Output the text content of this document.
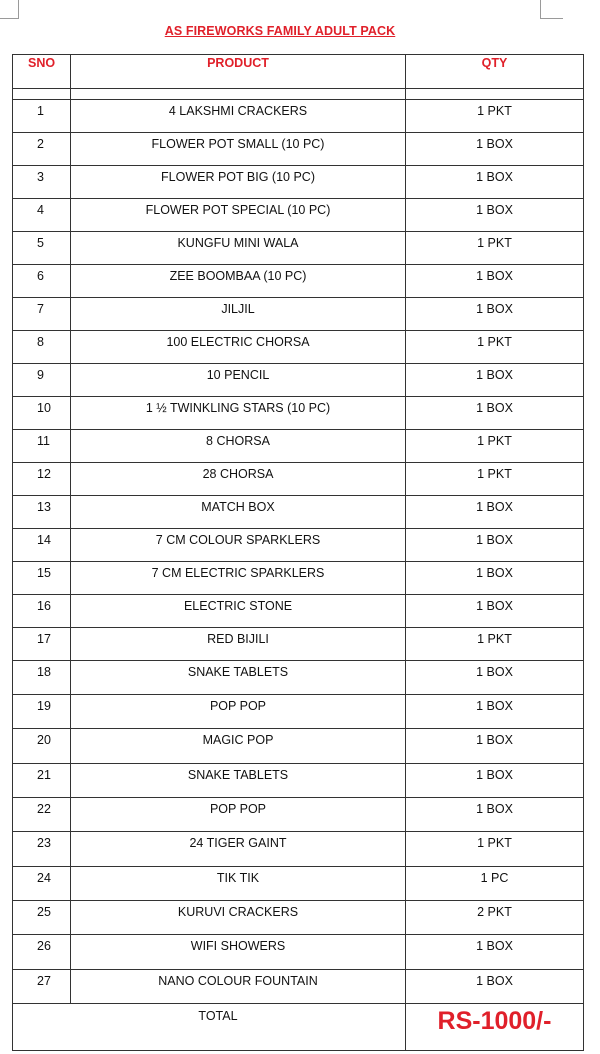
AS FIREWORKS FAMILY ADULT PACK
SNO	PRODUCT	QTY

1	4 LAKSHMI CRACKERS	1 PKT
2	FLOWER POT SMALL (10 PC)	1 BOX
3	FLOWER POT BIG (10 PC)	1 BOX
4	FLOWER POT SPECIAL (10 PC)	1 BOX
5	KUNGFU MINI WALA	1 PKT
6	ZEE BOOMBAA (10 PC)	1 BOX
7	JILJIL	1 BOX
8	100 ELECTRIC CHORSA	1 PKT
9	10 PENCIL	1 BOX
10	1 ½ TWINKLING STARS (10 PC)	1 BOX
11	8 CHORSA	1 PKT
12	28 CHORSA	1 PKT
13	MATCH BOX	1 BOX
14	7 CM COLOUR SPARKLERS	1 BOX
15	7 CM ELECTRIC SPARKLERS	1 BOX
16	ELECTRIC STONE	1 BOX
17	RED BIJILI	1 PKT
18	SNAKE TABLETS	1 BOX
19	POP POP	1 BOX
20	MAGIC POP	1 BOX
21	SNAKE TABLETS	1 BOX
22	POP POP	1 BOX
23	24 TIGER GAINT	1 PKT
24	TIK TIK	1 PC
25	KURUVI CRACKERS	2 PKT
26	WIFI SHOWERS	1 BOX
27	NANO COLOUR FOUNTAIN	1 BOX

TOTAL		RS-1000/-
